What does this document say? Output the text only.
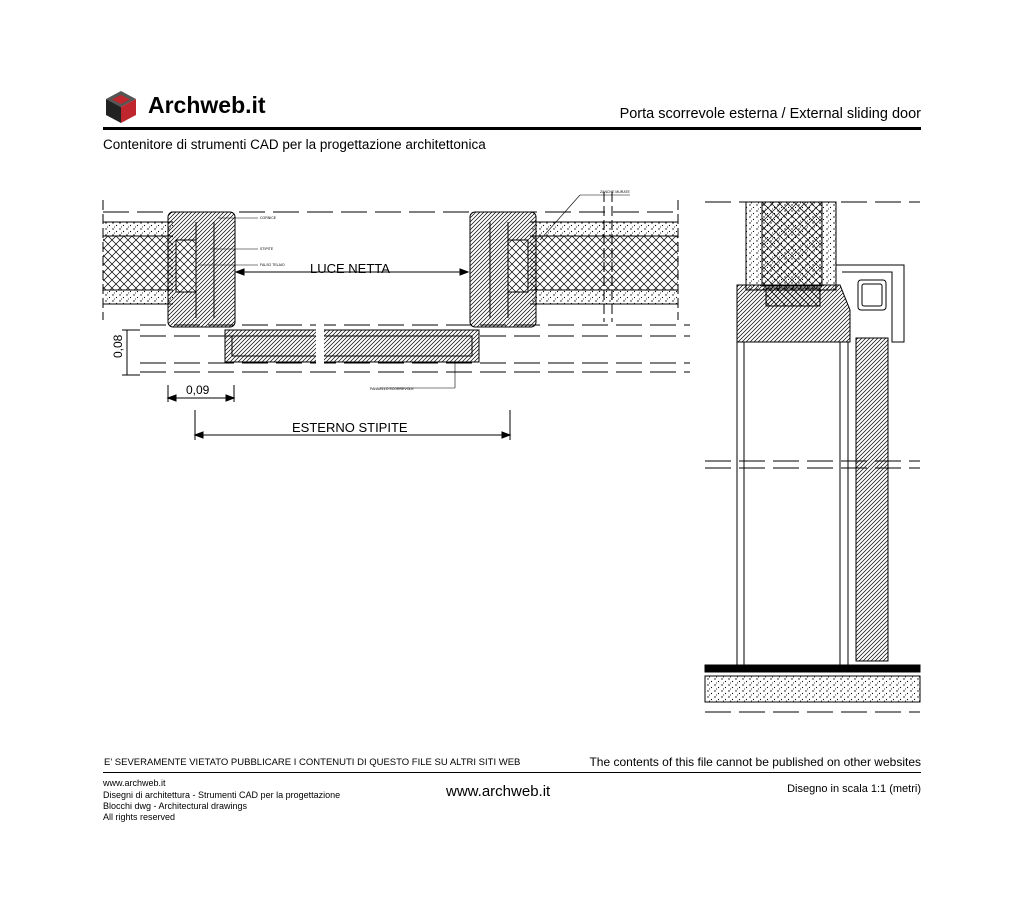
Archweb.it	Porta scorrevole esterna / External sliding door
Contenitore di strumenti CAD per la progettazione architettonica
LUCE NETTA
ESTERNO STIPITE
0,09
0,08
CORNICE
STIPITE
FALSO TELAIO
PANNELLO SCORREVOLE
ZANCHE MURATE
E' SEVERAMENTE VIETATO PUBBLICARE I CONTENUTI DI QUESTO FILE SU ALTRI SITI WEB	The contents of this file cannot be published on other websites
www.archweb.it
Disegni di architettura - Strumenti CAD per la progettazione
Blocchi dwg - Architectural drawings
All rights reserved
www.archweb.it	Disegno in scala 1:1 (metri)
